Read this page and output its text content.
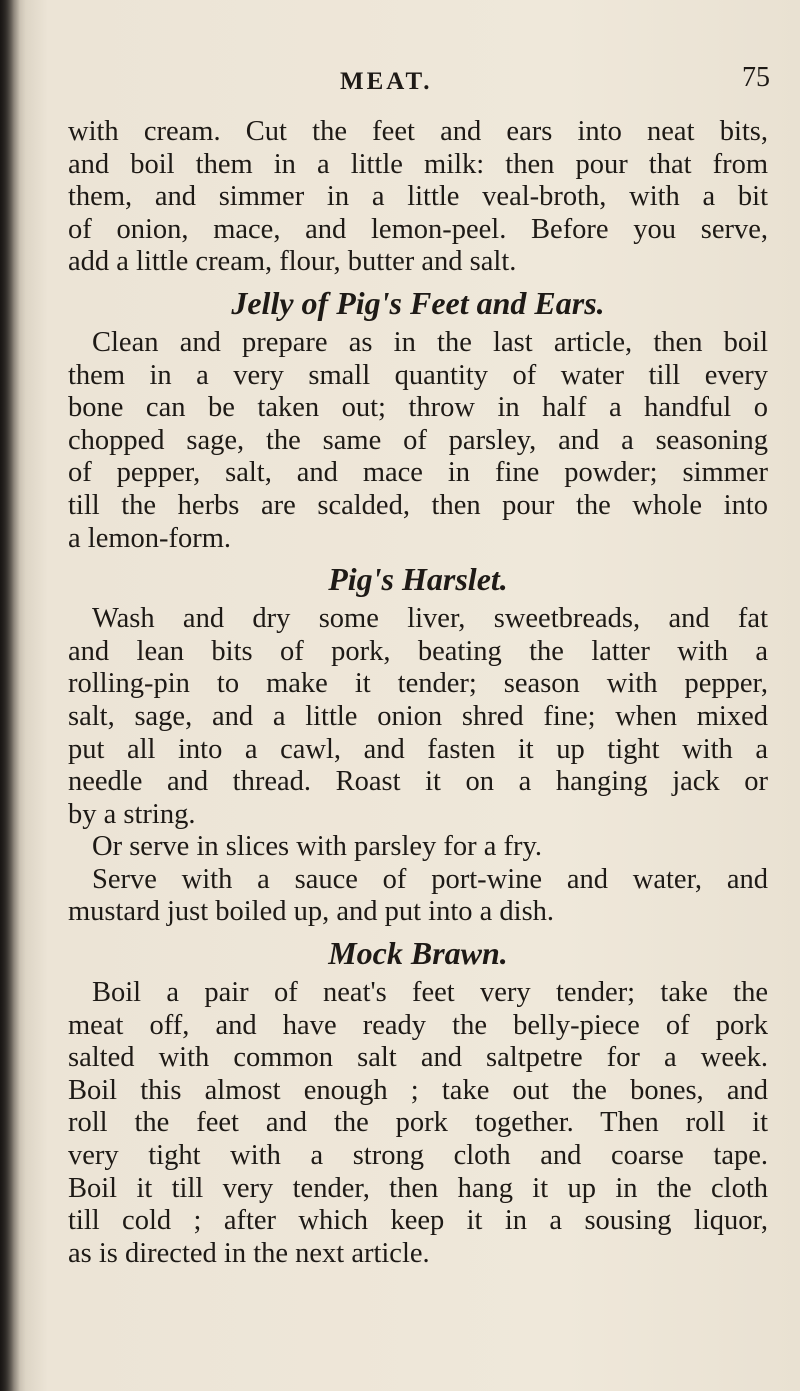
MEAT.	75
with cream. Cut the feet and ears into neat bits,
and boil them in a little milk: then pour that from
them, and simmer in a little veal-broth, with a bit
of onion, mace, and lemon-peel. Before you serve,
add a little cream, flour, butter and salt.
Jelly of Pig's Feet and Ears.
Clean and prepare as in the last article, then boil
them in a very small quantity of water till every
bone can be taken out; throw in half a handful o
chopped sage, the same of parsley, and a seasoning
of pepper, salt, and mace in fine powder; simmer
till the herbs are scalded, then pour the whole into
a lemon-form.
Pig's Harslet.
Wash and dry some liver, sweetbreads, and fat
and lean bits of pork, beating the latter with a
rolling-pin to make it tender; season with pepper,
salt, sage, and a little onion shred fine; when mixed
put all into a cawl, and fasten it up tight with a
needle and thread. Roast it on a hanging jack or
by a string.
Or serve in slices with parsley for a fry.
Serve with a sauce of port-wine and water, and
mustard just boiled up, and put into a dish.
Mock Brawn.
Boil a pair of neat's feet very tender; take the
meat off, and have ready the belly-piece of pork
salted with common salt and saltpetre for a week.
Boil this almost enough ; take out the bones, and
roll the feet and the pork together. Then roll it
very tight with a strong cloth and coarse tape.
Boil it till very tender, then hang it up in the cloth
till cold ; after which keep it in a sousing liquor,
as is directed in the next article.
